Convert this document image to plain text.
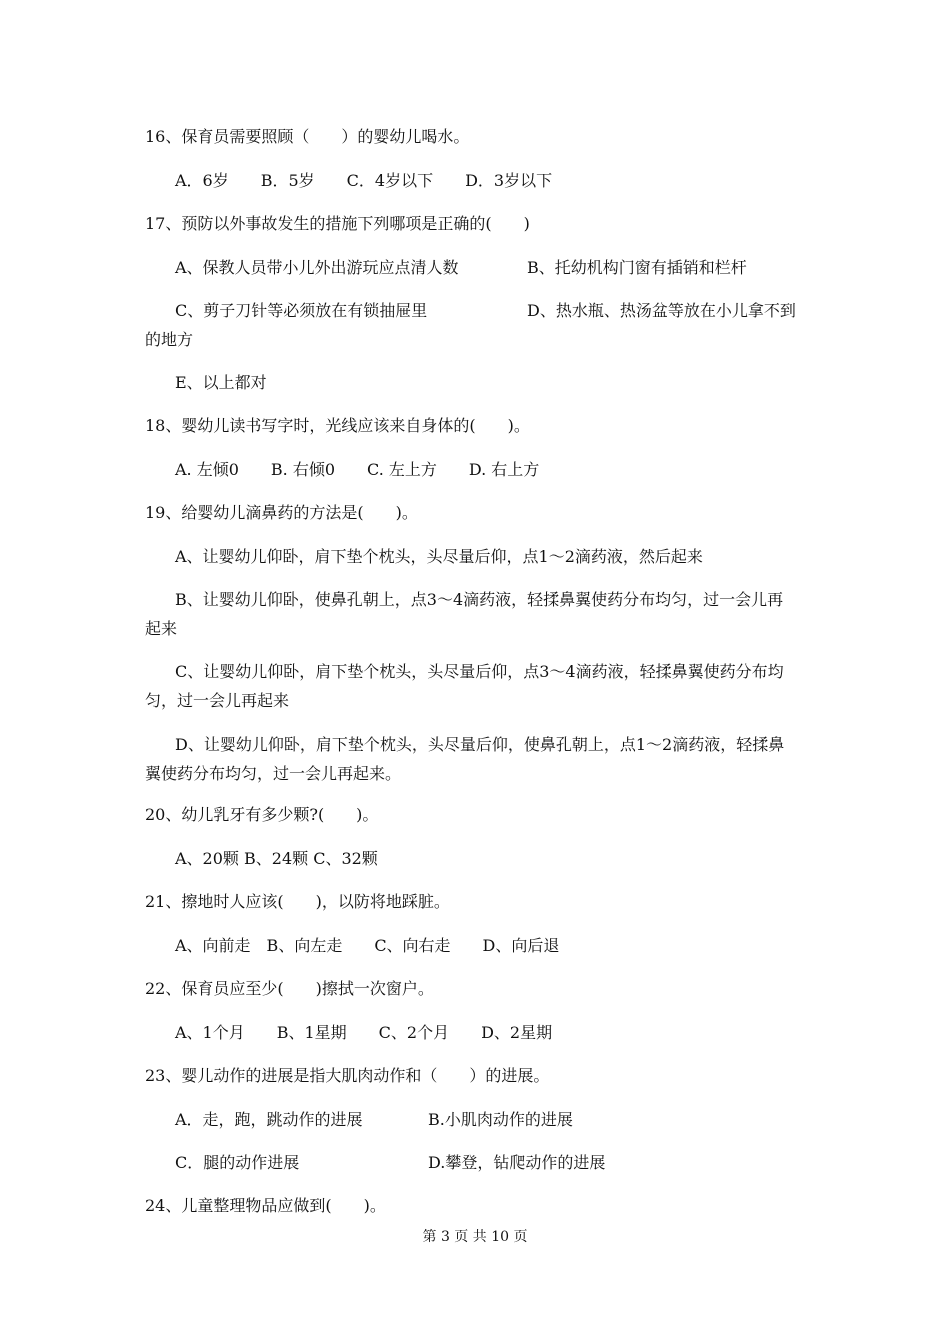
16、保育员需要照顾（　　）的婴幼儿喝水。
A．6岁　　B．5岁　　C．4岁以下　　D．3岁以下
17、预防以外事故发生的措施下列哪项是正确的(　　)
A、保教人员带小儿外出游玩应点清人数	B、托幼机构门窗有插销和栏杆
C、剪子刀针等必须放在有锁抽屉里	D、热水瓶、热汤盆等放在小儿拿不到
的地方
E、以上都对
18、婴幼儿读书写字时，光线应该来自身体的(　　)。
A. 左倾0　　B. 右倾0　　C. 左上方　　D. 右上方
19、给婴幼儿滴鼻药的方法是(　　)。
A、让婴幼儿仰卧，肩下垫个枕头，头尽量后仰，点1～2滴药液，然后起来
B、让婴幼儿仰卧，使鼻孔朝上，点3～4滴药液，轻揉鼻翼使药分布均匀，过一会儿再
起来
C、让婴幼儿仰卧，肩下垫个枕头，头尽量后仰，点3～4滴药液，轻揉鼻翼使药分布均
匀，过一会儿再起来
D、让婴幼儿仰卧，肩下垫个枕头，头尽量后仰，使鼻孔朝上，点1～2滴药液，轻揉鼻
翼使药分布均匀，过一会儿再起来。
20、幼儿乳牙有多少颗?(　　)。
A、20颗 B、24颗 C、32颗
21、擦地时人应该(　　)，以防将地踩脏。
A、向前走　B、向左走　　C、向右走　　D、向后退
22、保育员应至少(　　)擦拭一次窗户。
A、1个月　　B、1星期　　C、2个月　　D、2星期
23、婴儿动作的进展是指大肌肉动作和（　　）的进展。
A．走，跑，跳动作的进展	B.小肌肉动作的进展
C．腿的动作进展	D.攀登，钻爬动作的进展
24、儿童整理物品应做到(　　)。
第 3 页 共 10 页
